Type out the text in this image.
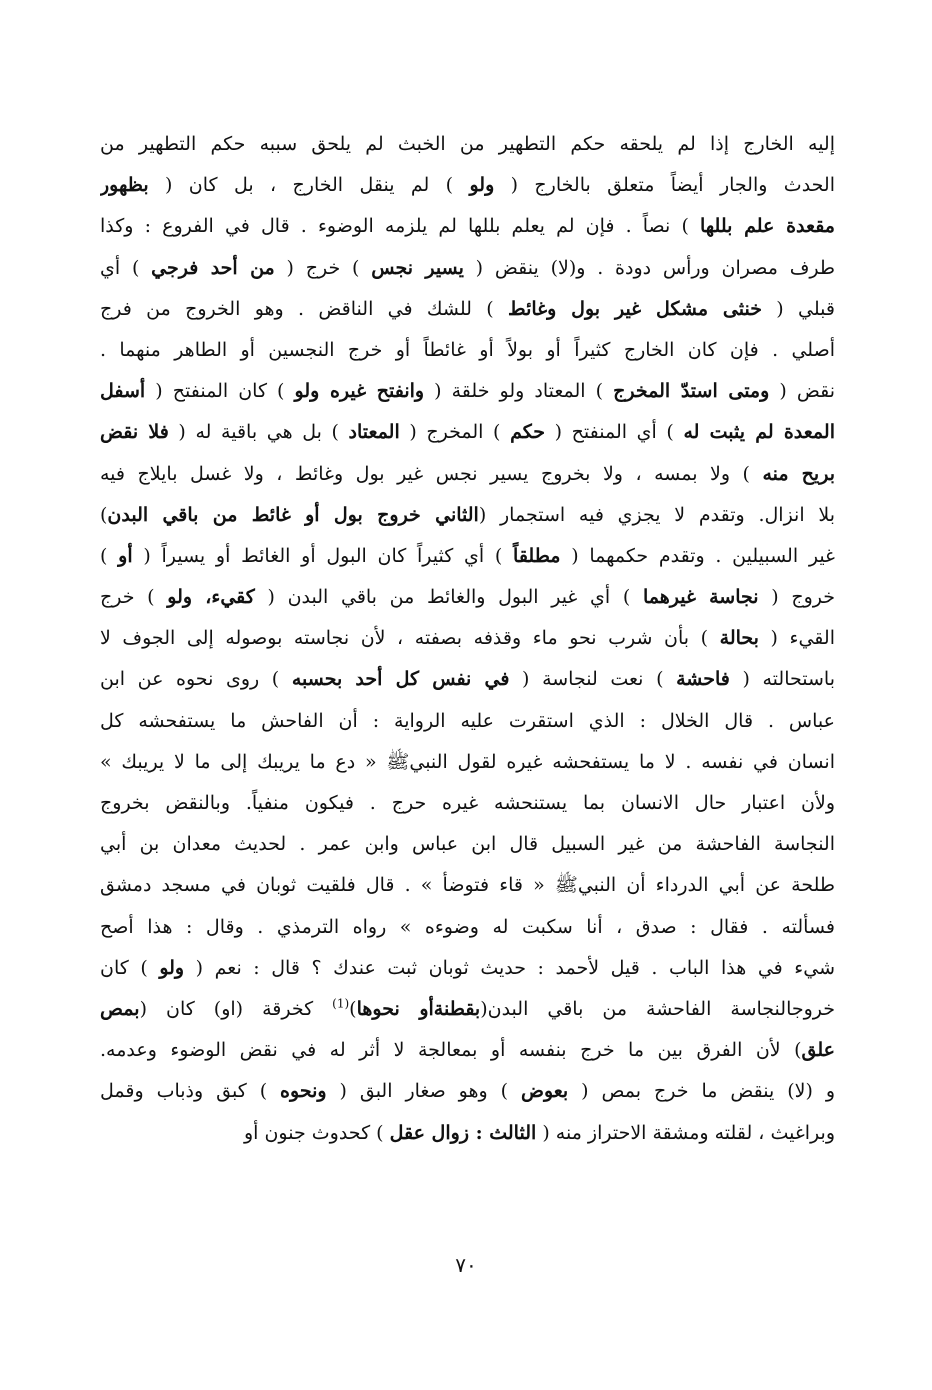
إليه الخارج إذا لم يلحقه حكم التطهير من الخبث لم يلحق سببه حكم التطهير من
الحدث والجار أيضاً متعلق بالخارج ( ولو ) لم ينقل الخارج ، بل كان ( بظهور
مقعدة علم بللها ) نصاً . فإن لم يعلم بللها لم يلزمه الوضوء . قال في الفروع : وكذا
طرف مصران ورأس دودة . و(لا) ينقض ( يسير نجس ) خرج ( من أحد فرجي ) أي
قبلي ( خنثى مشكل غير بول وغائط ) للشك في الناقض . وهو الخروج من فرج
أصلي . فإن كان الخارج كثيراً أو بولاً أو غائطاً أو خرج النجسين أو الطاهر منهما .
نقض ( ومتى استدّ المخرج ) المعتاد ولو خلقة ( وانفتح غيره ولو ) كان المنفتح ( أسفل
المعدة لم يثبت له ) أي المنفتح ( حكم ) المخرج ( المعتاد ) بل هي باقية له ( فلا نقض
بريح منه ) ولا بمسه ، ولا بخروج يسير نجس غير بول وغائط ، ولا غسل بايلاج فيه
بلا انزال. وتقدم لا يجزي فيه استجمار (الثاني خروج بول أو غائط من باقي البدن)
غير السبيلين . وتقدم حكمهما ( مطلقاً ) أي كثيراً كان البول أو الغائط أو يسيراً ( أو )
خروج ( نجاسة غيرهما ) أي غير البول والغائط من باقي البدن ( كقيء، ولو ) خرج
القيء ( بحالة ) بأن شرب نحو ماء وقذفه بصفته ، لأن نجاسته بوصوله إلى الجوف لا
باستحالته ( فاحشة ) نعت لنجاسة ( في نفس كل أحد بحسبه ) روى نحوه عن ابن
عباس . قال الخلال : الذي استقرت عليه الرواية : أن الفاحش ما يستفحشه كل
انسان في نفسه . لا ما يستفحشه غيره لقول النبيﷺ « دع ما يريبك إلى ما لا يريبك »
ولأن اعتبار حال الانسان بما يستنحشه غيره حرج . فيكون منفياً. وبالنقض بخروج
النجاسة الفاحشة من غير السبيل قال ابن عباس وابن عمر . لحديث معدان بن أبي
طلحة عن أبي الدرداء أن النبيﷺ « قاء فتوضأ » . قال فلقيت ثوبان في مسجد دمشق
فسألته . فقال : صدق ، أنا سكبت له وضوءه » رواه الترمذي . وقال : هذا أصح
شيء في هذا الباب . قيل لأحمد : حديث ثوبان ثبت عندك ؟ قال : نعم ( ولو ) كان
خروجالنجاسة الفاحشة من باقي البدن(بقطنةأو نحوها)$^{(1)}$ كخرقة (او) كان (بمص
علق) لأن الفرق بين ما خرج بنفسه أو بمعالجة لا أثر له في نقض الوضوء وعدمه.
و (لا) ينقض ما خرج بمص ( بعوض ) وهو صغار البق ( ونحوه ) كبق وذباب وقمل
وبراغيث ، لقلته ومشقة الاحتراز منه ( الثالث : زوال عقل ) كحدوث جنون أو
٧٠
